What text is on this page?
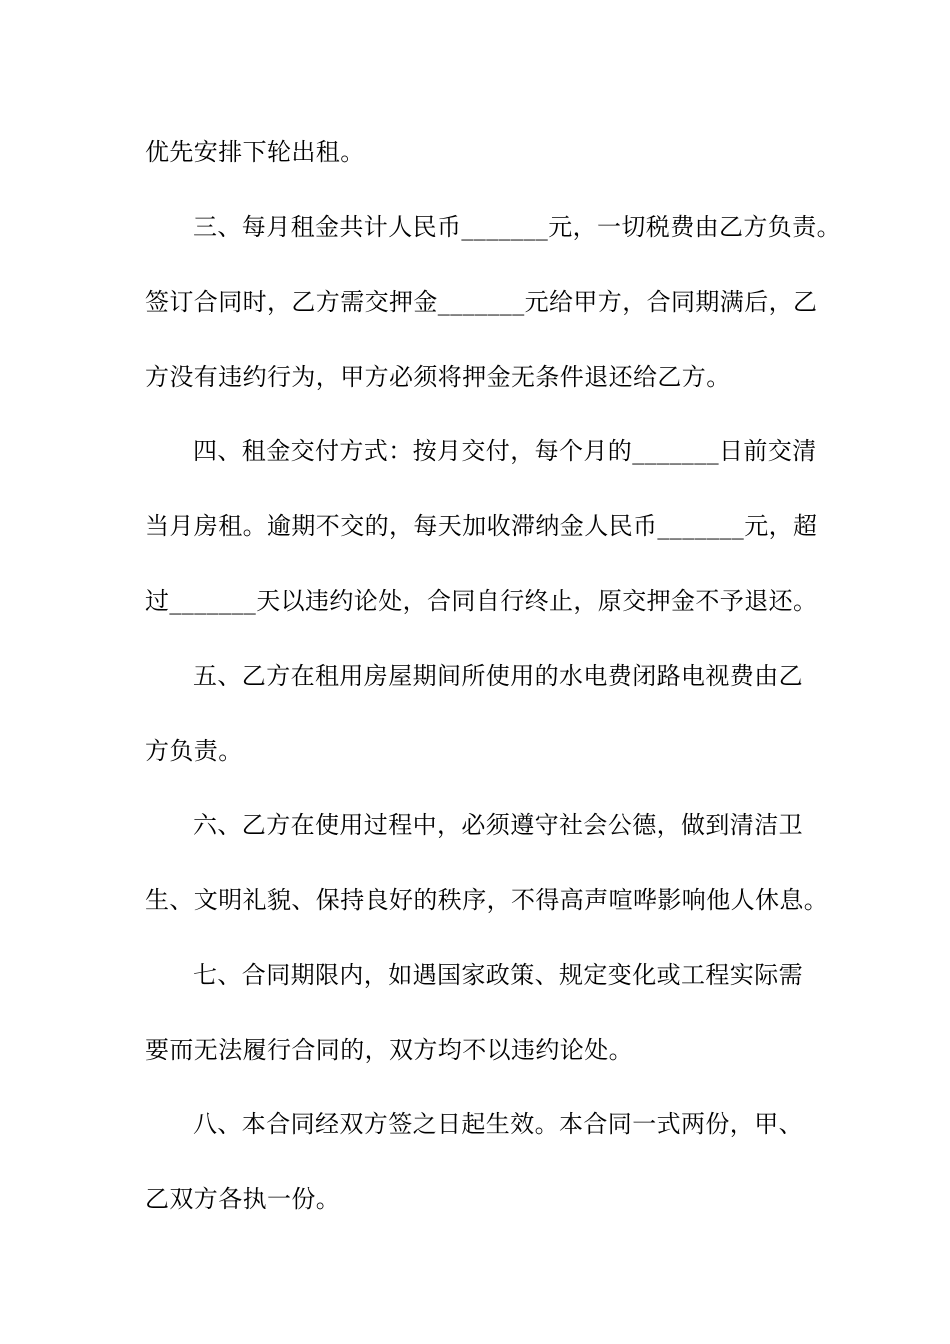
优先安排下轮出租。
三、每月租金共计人民币_______元，一切税费由乙方负责。
签订合同时，乙方需交押金_______元给甲方，合同期满后，乙
方没有违约行为，甲方必须将押金无条件退还给乙方。
四、租金交付方式：按月交付，每个月的_______日前交清
当月房租。逾期不交的，每天加收滞纳金人民币_______元，超
过_______天以违约论处，合同自行终止，原交押金不予退还。
五、乙方在租用房屋期间所使用的水电费闭路电视费由乙
方负责。
六、乙方在使用过程中，必须遵守社会公德，做到清洁卫
生、文明礼貌、保持良好的秩序，不得高声喧哗影响他人休息。
七、合同期限内，如遇国家政策、规定变化或工程实际需
要而无法履行合同的，双方均不以违约论处。
八、本合同经双方签之日起生效。本合同一式两份，甲、
乙双方各执一份。
